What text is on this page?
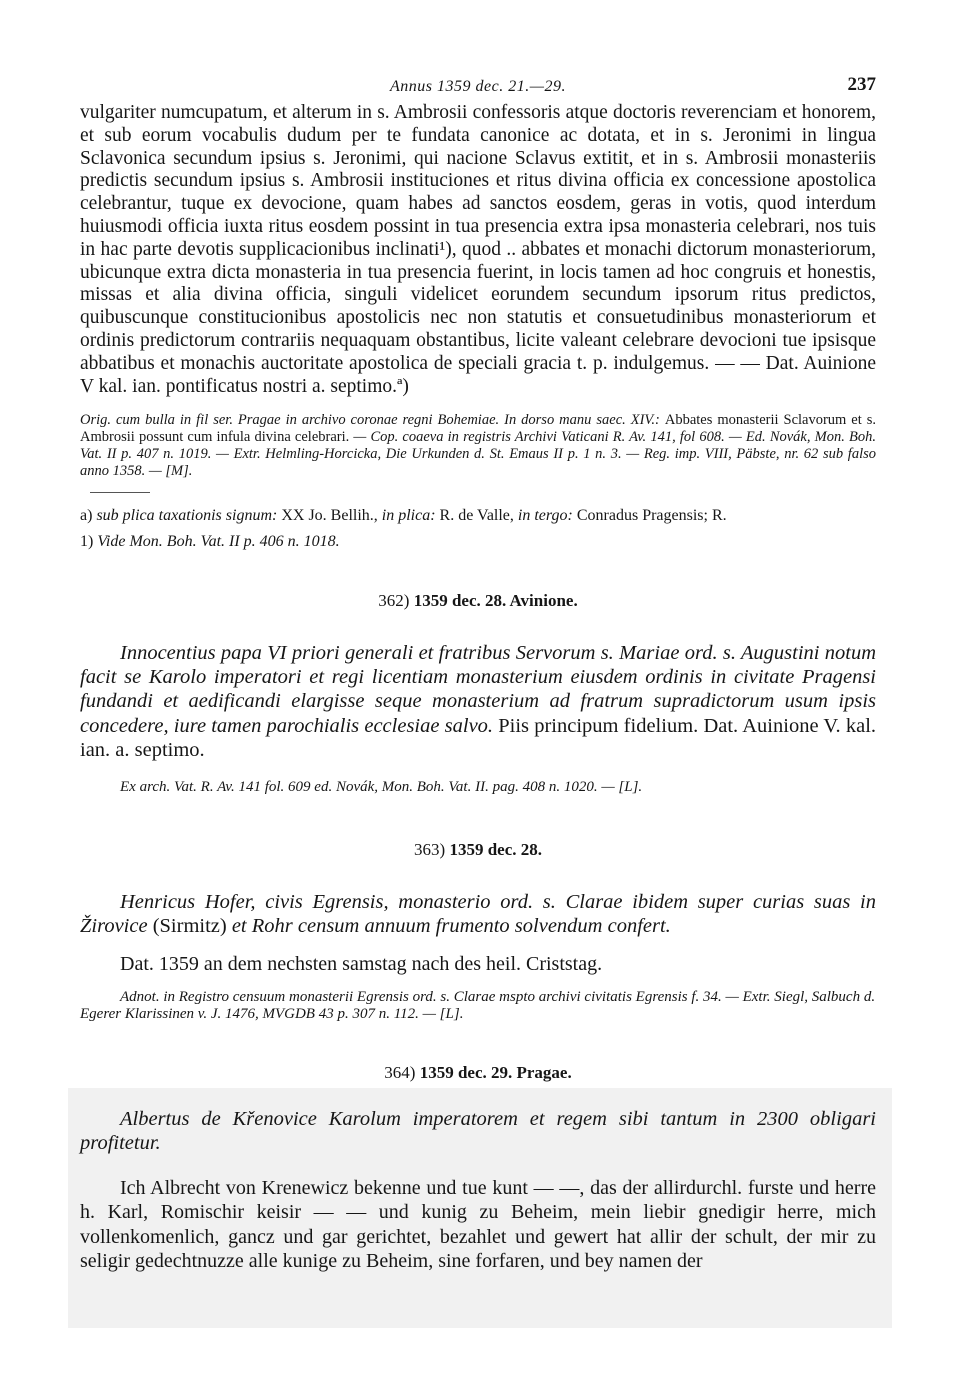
Annus 1359 dec. 21.—29.	237

vulgariter numcupatum, et alterum in s. Ambrosii confessoris atque doctoris reverenciam et honorem, et sub eorum vocabulis dudum per te fundata canonice ac dotata, et in s. Jeronimi in lingua Sclavonica secundum ipsius s. Jeronimi, qui nacione Sclavus extitit, et in s. Ambrosii monasteriis predictis secundum ipsius s. Ambrosii instituciones et ritus divina officia ex concessione apostolica celebrantur, tuque ex devocione, quam habes ad sanctos eosdem, geras in votis, quod interdum huiusmodi officia iuxta ritus eosdem possint in tua presencia extra ipsa monasteria celebrari, nos tuis in hac parte devotis supplicacionibus inclinati¹), quod .. abbates et monachi dictorum monasteriorum, ubicunque extra dicta monasteria in tua presencia fuerint, in locis tamen ad hoc congruis et honestis, missas et alia divina officia, singuli videlicet eorundem secundum ipsorum ritus predictos, quibuscunque constitucionibus apostolicis nec non statutis et consuetudinibus monasteriorum et ordinis predictorum contrariis nequaquam obstantibus, licite valeant celebrare devocioni tue ipsisque abbatibus et monachis auctoritate apostolica de speciali gracia t. p. indulgemus. — — Dat. Auinione V kal. ian. pontificatus nostri a. septimo.ª)

Orig. cum bulla in fil ser. Pragae in archivo coronae regni Bohemiae. In dorso manu saec. XIV.: Abbates monasterii Sclavorum et s. Ambrosii possunt cum infula divina celebrari. — Cop. coaeva in registris Archivi Vaticani R. Av. 141, fol 608. — Ed. Novák, Mon. Boh. Vat. II p. 407 n. 1019. — Extr. Helmling-Horcicka, Die Urkunden d. St. Emaus II p. 1 n. 3. — Reg. imp. VIII, Päbste, nr. 62 sub falso anno 1358. — [M].
a) sub plica taxationis signum: XX Jo. Bellih., in plica: R. de Valle, in tergo: Conradus Pragensis; R.
1) Vide Mon. Boh. Vat. II p. 406 n. 1018.
362) 1359 dec. 28. Avinione.

Innocentius papa VI priori generali et fratribus Servorum s. Mariae ord. s. Augustini notum facit se Karolo imperatori et regi licentiam monasterium eiusdem ordinis in civitate Pragensi fundandi et aedificandi elargisse seque monasterium ad fratrum supradictorum usum ipsis concedere, iure tamen parochialis ecclesiae salvo. Piis principum fidelium. Dat. Auinione V. kal. ian. a. septimo.

Ex arch. Vat. R. Av. 141 fol. 609 ed. Novák, Mon. Boh. Vat. II. pag. 408 n. 1020. — [L].

363) 1359 dec. 28.

Henricus Hofer, civis Egrensis, monasterio ord. s. Clarae ibidem super curias suas in Žirovice (Sirmitz) et Rohr censum annuum frumento solvendum confert.

Dat. 1359 an dem nechsten samstag nach des heil. Criststag.

Adnot. in Registro censuum monasterii Egrensis ord. s. Clarae mspto archivi civitatis Egrensis f. 34. — Extr. Siegl, Salbuch d. Egerer Klarissinen v. J. 1476, MVGDB 43 p. 307 n. 112. — [L].

364) 1359 dec. 29. Pragae.

Albertus de Křenovice Karolum imperatorem et regem sibi tantum in 2300 obligari profitetur.

Ich Albrecht von Krenewicz bekenne und tue kunt — —, das der allirdurchl. furste und herre h. Karl, Romischir keisir — — und kunig zu Beheim, mein liebir gnedigir herre, mich vollenkomenlich, gancz und gar gerichtet, bezahlet und gewert hat allir der schult, der mir zu seligir gedechtnuzze alle kunige zu Beheim, sine forfaren, und bey namen der
